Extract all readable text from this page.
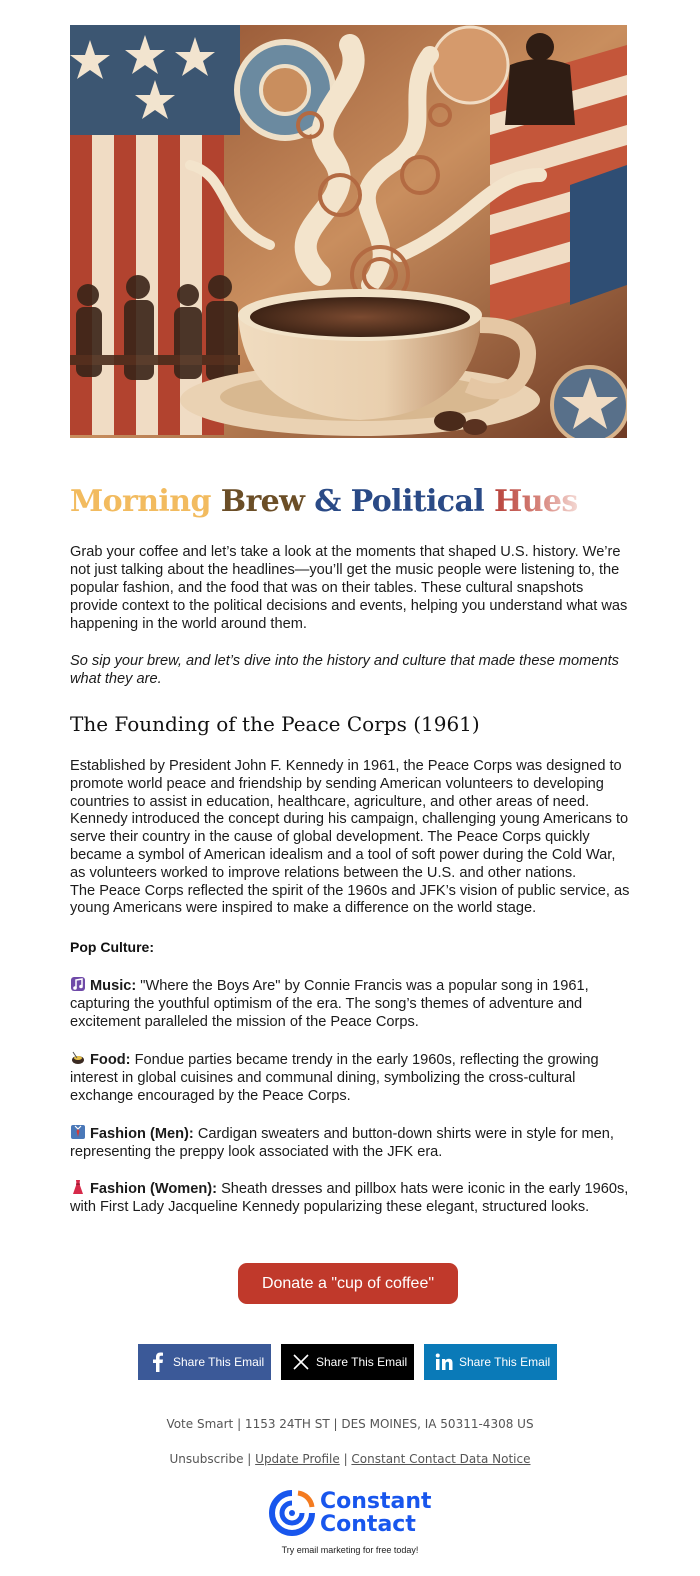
Morning Brew & Political Hues

Grab your coffee and let’s take a look at the moments that shaped U.S. history. We’re not just talking about the headlines—you’ll get the music people were listening to, the popular fashion, and the food that was on their tables. These cultural snapshots provide context to the political decisions and events, helping you understand what was happening in the world around them.

So sip your brew, and let’s dive into the history and culture that made these moments what they are.

The Founding of the Peace Corps (1961)

Established by President John F. Kennedy in 1961, the Peace Corps was designed to promote world peace and friendship by sending American volunteers to developing countries to assist in education, healthcare, agriculture, and other areas of need. Kennedy introduced the concept during his campaign, challenging young Americans to serve their country in the cause of global development. The Peace Corps quickly became a symbol of American idealism and a tool of soft power during the Cold War, as volunteers worked to improve relations between the U.S. and other nations.

The Peace Corps reflected the spirit of the 1960s and JFK’s vision of public service, as young Americans were inspired to make a difference on the world stage.

Pop Culture:

Music: "Where the Boys Are" by Connie Francis was a popular song in 1961, capturing the youthful optimism of the era. The song’s themes of adventure and excitement paralleled the mission of the Peace Corps.

Food: Fondue parties became trendy in the early 1960s, reflecting the growing interest in global cuisines and communal dining, symbolizing the cross-cultural exchange encouraged by the Peace Corps.

Fashion (Men): Cardigan sweaters and button-down shirts were in style for men, representing the preppy look associated with the JFK era.

Fashion (Women): Sheath dresses and pillbox hats were iconic in the early 1960s, with First Lady Jacqueline Kennedy popularizing these elegant, structured looks.

Donate a "cup of coffee"
Share This Email	Share This Email	Share This Email
Vote Smart | 1153 24TH ST | DES MOINES, IA 50311-4308 US
Unsubscribe | Update Profile | Constant Contact Data Notice
Constant
Contact
Try email marketing for free today!
